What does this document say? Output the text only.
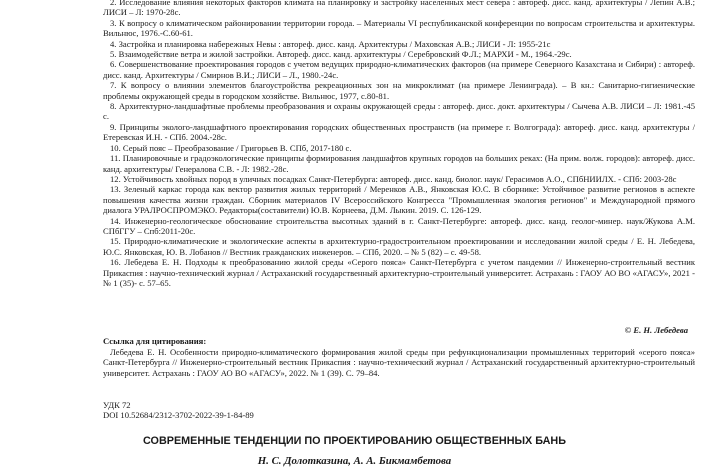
2. Исследование влияния некоторых факторов климата на планировку и застройку населенных мест севера : автореф. дисс. канд. архитектуры / Лепин А.В.; ЛИСИ – Л: 1970-28с.

3. К вопросу о климатическом районировании территории города. – Материалы VI республиканской конференции по вопросам строительства и архитектуры. Вильнюс, 1976.-С.60-61.

4. Застройка и планировка набережных Невы : автореф. дисс. канд. Архитектуры / Маховская А.В.; ЛИСИ - Л: 1955-21с

5. Взаимодействие ветра и жилой застройки. Автореф. дисс. канд. архитектуры / Серебровский Ф.Л.; МАРХИ - М., 1964.-29с.

6. Совершенствование проектирования городов с учетом ведущих природно-климатических факторов (на примере Северного Казахстана и Сибири) : автореф. дисс. канд. Архитектуры / Смирнов В.И.; ЛИСИ – Л., 1980.-24с.

7. К вопросу о влиянии элементов благоустройства рекреационных зон на микроклимат (на примере Ленинграда). – В кн.: Санитарно-гигиенические проблемы окружающей среды в городском хозяйстве. Вильнюс, 1977, с.80-81.

8. Архитектурно-ландшафтные проблемы преобразования и охраны окружающей среды : автореф. дисс. докт. архитектуры / Сычева А.В. ЛИСИ – Л: 1981.-45 с.

9. Принципы эколого-ландшафтного проектирования городских общественных пространств (на примере г. Волгограда): автореф. дисс. канд. архитектуры / Етеревская И.Н. - СПб. 2004.-28с.

10. Серый пояс – Преобразование / Григорьев В. СПб, 2017-180 с.

11. Планировочные и градоэкологические принципы формирования ландшафтов крупных городов на больших реках: (На прим. волж. городов): автореф. дисс. канд. архитектуры/ Генералова С.В. - Л: 1982.-28с.

12. Устойчивость хвойных пород в уличных посадках Санкт-Петербурга: автореф. дисс. канд. биолог. наук/ Герасимов А.О., СПбНИИЛХ. - СПб: 2003-28с

13. Зеленый каркас города как вектор развития жилых территорий / Меренков А.В., Янковская Ю.С. В сборнике: Устойчивое развитие регионов в аспекте повышения качества жизни граждан. Сборник материалов IV Всероссийского Конгресса "Промышленная экология регионов" и Международной прямого диалога УРАЛРОСПРОМЭКО. Редакторы(составители) Ю.В. Корнеева, Д.М. Лыкин. 2019. С. 126-129.

14. Инженерно-геологическое обоснование строительства высотных зданий в г. Санкт-Петербурге: автореф. дисс. канд. геолог-минер. наук/Жукова А.М. СПбГГУ – Спб:2011-20с.

15. Природно-климатические и экологические аспекты в архитектурно-градостроительном проектировании и исследовании жилой среды / Е. Н. Лебедева, Ю.С. Янковская, Ю. В. Лобанов // Вестник гражданских инженеров. – СПб, 2020. – № 5 (82) – с. 49-58.

16. Лебедева Е. Н. Подходы к преобразованию жилой среды «Серого пояса» Санкт-Петербурга с учетом пандемии // Инженерно-строительный вестник Прикаспия : научно-технический журнал / Астраханский государственный архитектурно-строительный университет. Астрахань : ГАОУ АО ВО «АГАСУ», 2021 - № 1 (35)- с. 57–65.

© Е. Н. Лебедева
Ссылка для цитирования:
Лебедева Е. Н. Особенности природно-климатического формирования жилой среды при рефункционализации промышленных территорий «серого пояса» Санкт-Петербурга // Инженерно-строительный вестник Прикаспия : научно-технический журнал / Астраханский государственный архитектурно-строительный университет. Астрахань : ГАОУ АО ВО «АГАСУ», 2022. № 1 (39). С. 79–84.
УДК 72
DOI 10.52684/2312-3702-2022-39-1-84-89
СОВРЕМЕННЫЕ ТЕНДЕНЦИИ ПО ПРОЕКТИРОВАНИЮ ОБЩЕСТВЕННЫХ БАНЬ
Н. С. Долотказина, А. А. Бикмамбетова
